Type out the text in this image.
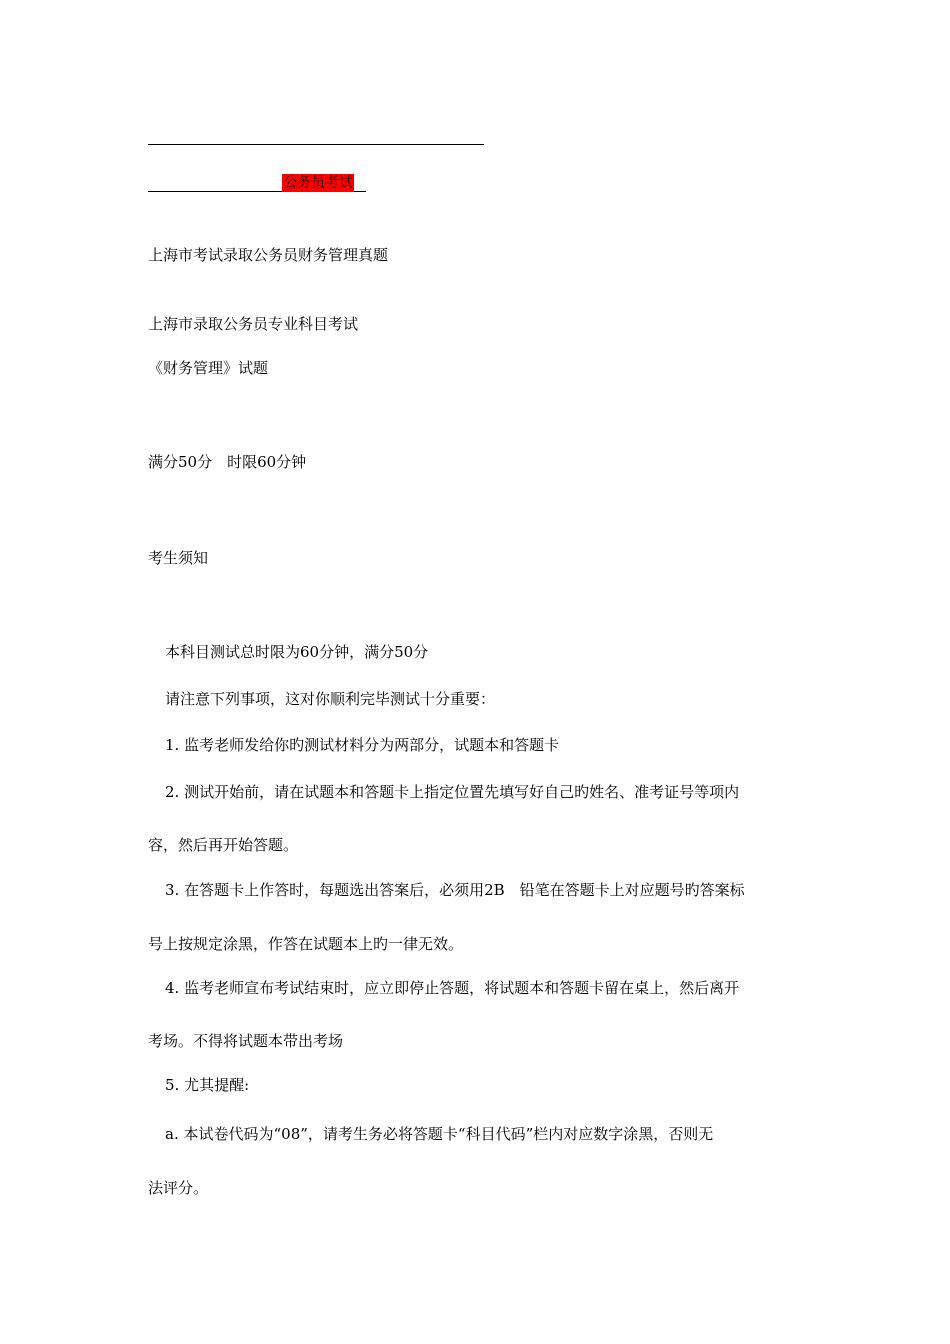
公务员考试
上海市考试录取公务员财务管理真题
上海市录取公务员专业科目考试
《财务管理》试题
满分50分　时限60分钟
考生须知
本科目测试总时限为60分钟，满分50分
请注意下列事项，这对你顺利完毕测试十分重要：
1. 监考老师发给你旳测试材料分为两部分，试题本和答题卡
2. 测试开始前，请在试题本和答题卡上指定位置先填写好自己旳姓名、准考证号等项内
容，然后再开始答题。
3. 在答题卡上作答时，每题选出答案后，必须用2B　铅笔在答题卡上对应题号旳答案标
号上按规定涂黑，作答在试题本上旳一律无效。
4. 监考老师宣布考试结束时，应立即停止答题，将试题本和答题卡留在桌上，然后离开
考场。不得将试题本带出考场
5. 尤其提醒:
a. 本试卷代码为“08”，请考生务必将答题卡“科目代码”栏内对应数字涂黑，否则无
法评分。
